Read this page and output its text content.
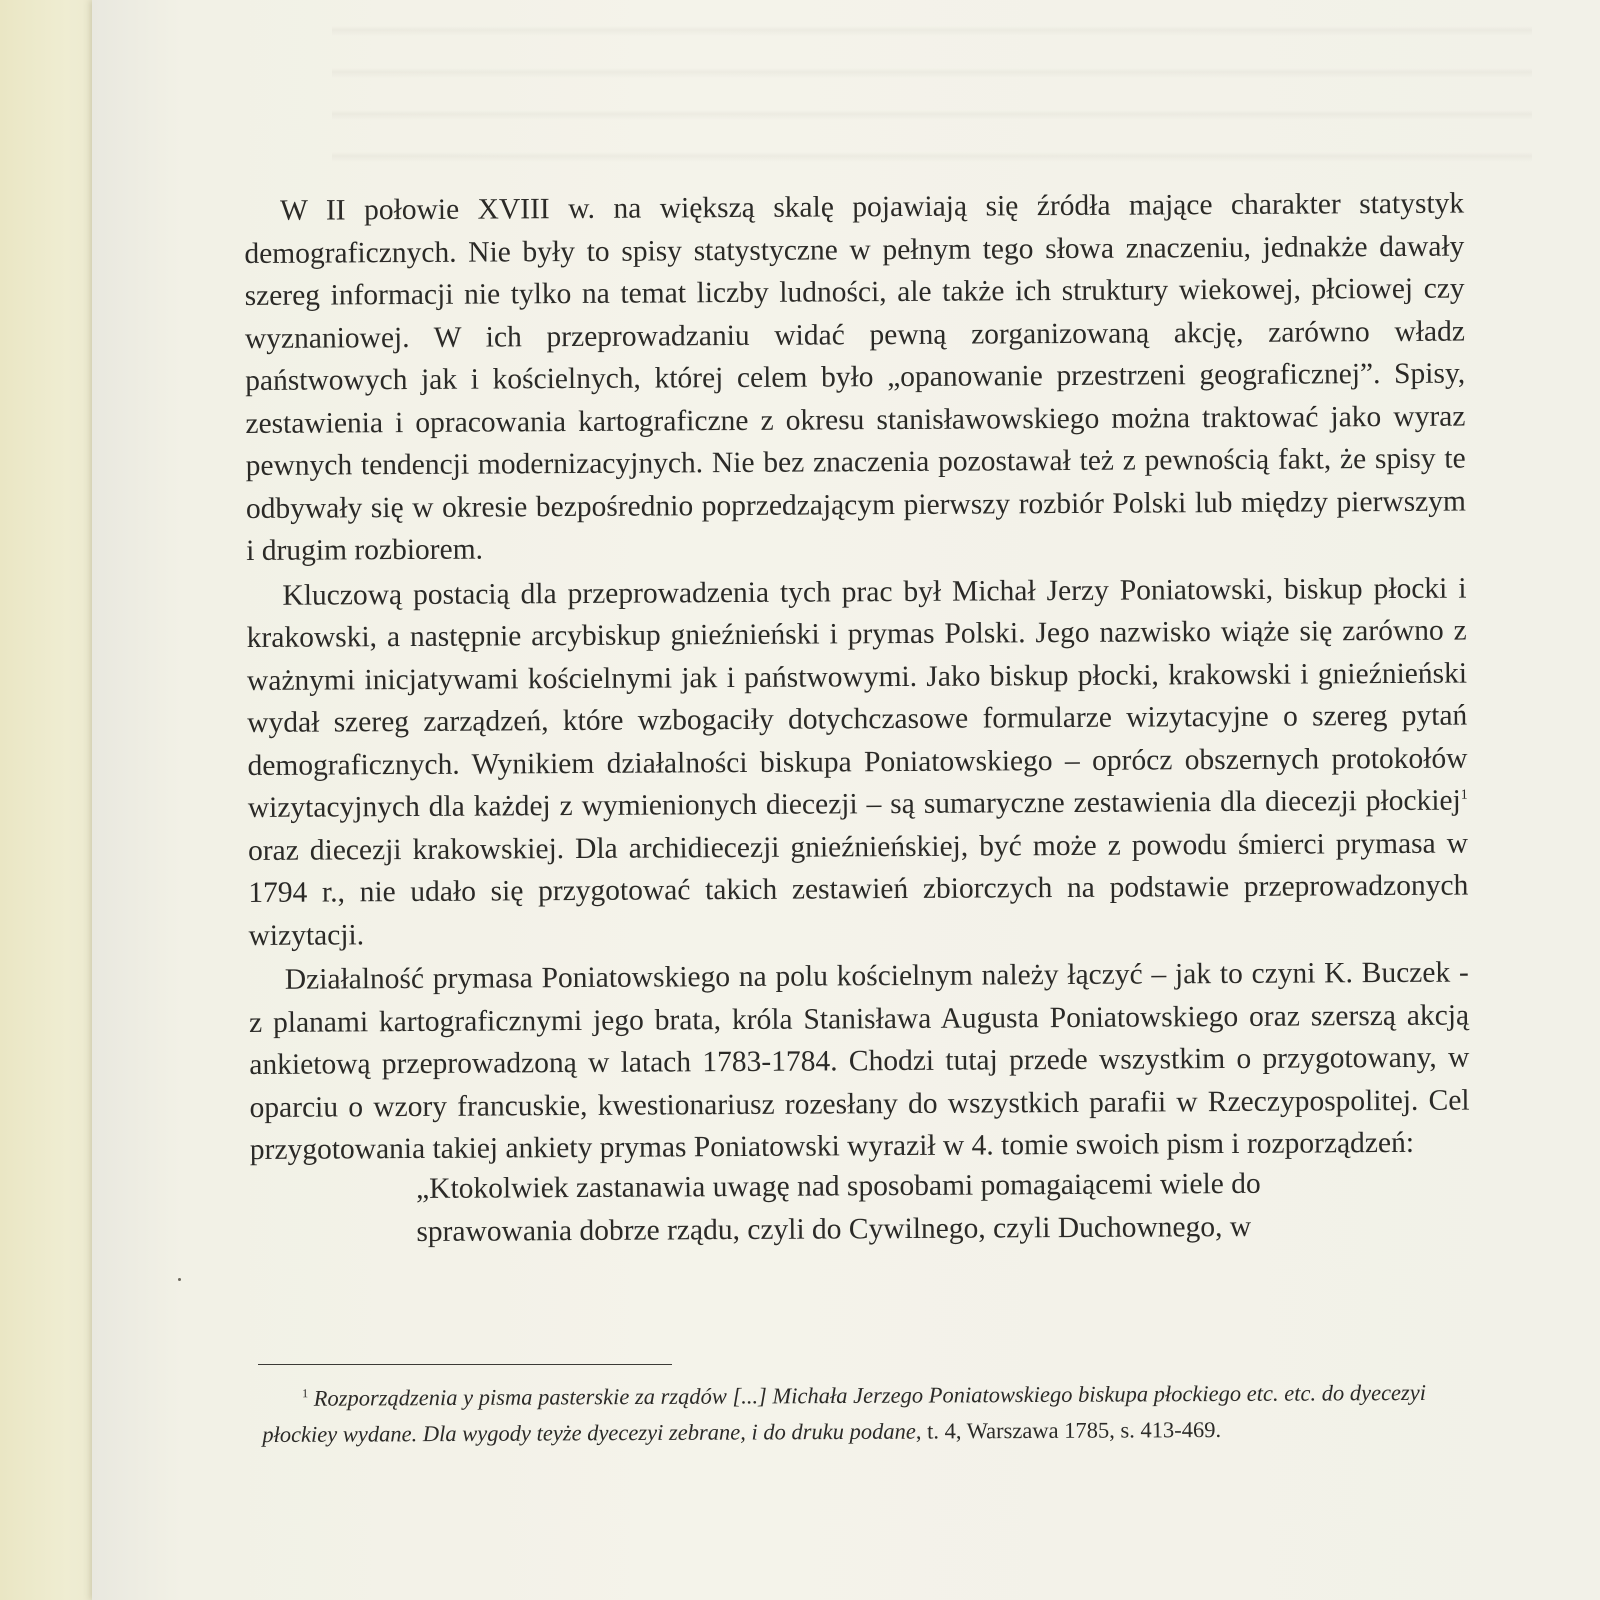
W II połowie XVIII w. na większą skalę pojawiają się źródła mające charakter statystyk demograficznych. Nie były to spisy statystyczne w pełnym tego słowa znaczeniu, jednakże dawały szereg informacji nie tylko na temat liczby ludności, ale także ich struktury wiekowej, płciowej czy wyznaniowej. W ich przeprowadzaniu widać pewną zorganizowaną akcję, zarówno władz państwowych jak i kościelnych, której celem było „opanowanie przestrzeni geograficznej”. Spisy, zestawienia i opracowania kartograficzne z okresu stanisławowskiego można traktować jako wyraz pewnych tendencji modernizacyjnych. Nie bez znaczenia pozostawał też z pewnością fakt, że spisy te odbywały się w okresie bezpośrednio poprzedzającym pierwszy rozbiór Polski lub między pierwszym i drugim rozbiorem.

Kluczową postacią dla przeprowadzenia tych prac był Michał Jerzy Poniatowski, biskup płocki i krakowski, a następnie arcybiskup gnieźnieński i prymas Polski. Jego nazwisko wiąże się zarówno z ważnymi inicjatywami kościelnymi jak i państwowymi. Jako biskup płocki, krakowski i gnieźnieński wydał szereg zarządzeń, które wzbogaciły dotychczasowe formularze wizytacyjne o szereg pytań demograficznych. Wynikiem działalności biskupa Poniatowskiego – oprócz obszernych protokołów wizytacyjnych dla każdej z wymienionych diecezji – są sumaryczne zestawienia dla diecezji płockiej$^1$ oraz diecezji krakowskiej. Dla archidiecezji gnieźnieńskiej, być może z powodu śmierci prymasa w 1794 r., nie udało się przygotować takich zestawień zbiorczych na podstawie przeprowadzonych wizytacji.

Działalność prymasa Poniatowskiego na polu kościelnym należy łączyć – jak to czyni K. Buczek - z planami kartograficznymi jego brata, króla Stanisława Augusta Poniatowskiego oraz szerszą akcją ankietową przeprowadzoną w latach 1783-1784. Chodzi tutaj przede wszystkim o przygotowany, w oparciu o wzory francuskie, kwestionariusz rozesłany do wszystkich parafii w Rzeczypospolitej. Cel przygotowania takiej ankiety prymas Poniatowski wyraził w 4. tomie swoich pism i rozporządzeń:

„Ktokolwiek zastanawia uwagę nad sposobami pomagaiącemi wiele do

sprawowania dobrze rządu, czyli do Cywilnego, czyli Duchownego, w

$^1$ Rozporządzenia y pisma pasterskie za rządów [...] Michała Jerzego Poniatowskiego biskupa płockiego etc. etc. do dyecezyi płockiey wydane. Dla wygody teyże dyecezyi zebrane, i do druku podane, t. 4, Warszawa 1785, s. 413-469.
